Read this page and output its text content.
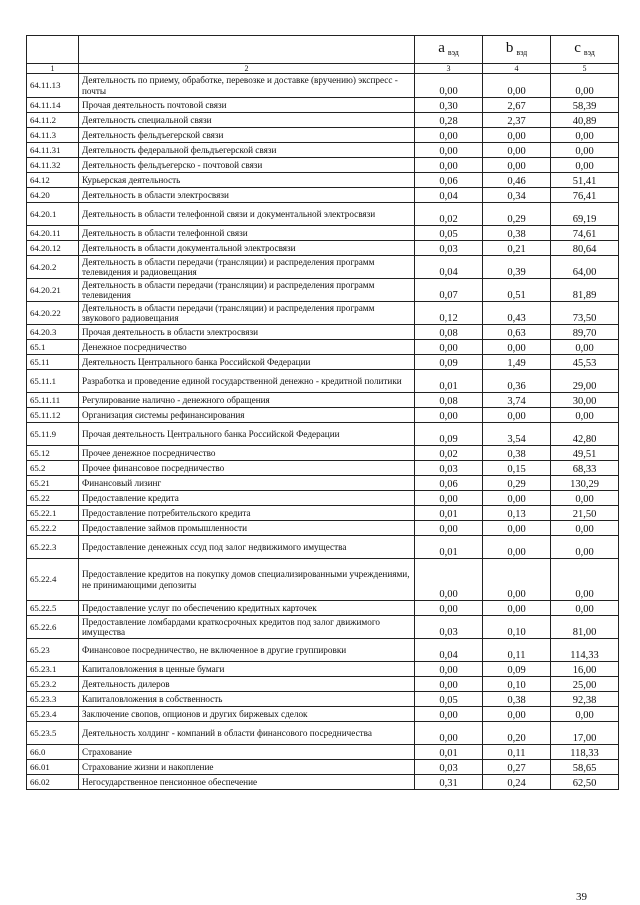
		a $_{вэд}$	b $_{вэд}$	c $_{вэд}$
1	2	3	4	5
64.11.13	Деятельность по приему, обработке, перевозке и доставке (вручению) экспресс - почты	0,00	0,00	0,00
64.11.14	Прочая деятельность почтовой связи	0,30	2,67	58,39
64.11.2	Деятельность специальной связи	0,28	2,37	40,89
64.11.3	Деятельность фельдъегерской связи	0,00	0,00	0,00
64.11.31	Деятельность федеральной фельдъегерской связи	0,00	0,00	0,00
64.11.32	Деятельность фельдъегерско - почтовой связи	0,00	0,00	0,00
64.12	Курьерская деятельность	0,06	0,46	51,41
64.20	Деятельность в области электросвязи	0,04	0,34	76,41
64.20.1	Деятельность в области телефонной связи и документальной электросвязи	0,02	0,29	69,19
64.20.11	Деятельность в области телефонной связи	0,05	0,38	74,61
64.20.12	Деятельность в области документальной электросвязи	0,03	0,21	80,64
64.20.2	Деятельность в области передачи (трансляции) и распределения программ телевидения и радиовещания	0,04	0,39	64,00
64.20.21	Деятельность в области передачи (трансляции) и распределения программ телевидения	0,07	0,51	81,89
64.20.22	Деятельность в области передачи (трансляции) и распределения программ звукового радиовещания	0,12	0,43	73,50
64.20.3	Прочая деятельность в области электросвязи	0,08	0,63	89,70
65.1	Денежное посредничество	0,00	0,00	0,00
65.11	Деятельность Центрального банка Российской Федерации	0,09	1,49	45,53
65.11.1	Разработка и проведение единой государственной денежно - кредитной политики	0,01	0,36	29,00
65.11.11	Регулирование налично - денежного обращения	0,08	3,74	30,00
65.11.12	Организация системы рефинансирования	0,00	0,00	0,00
65.11.9	Прочая деятельность Центрального банка Российской Федерации	0,09	3,54	42,80
65.12	Прочее денежное посредничество	0,02	0,38	49,51
65.2	Прочее финансовое посредничество	0,03	0,15	68,33
65.21	Финансовый лизинг	0,06	0,29	130,29
65.22	Предоставление кредита	0,00	0,00	0,00
65.22.1	Предоставление потребительского кредита	0,01	0,13	21,50
65.22.2	Предоставление займов промышленности	0,00	0,00	0,00
65.22.3	Предоставление денежных ссуд под залог недвижимого имущества	0,01	0,00	0,00
65.22.4	Предоставление кредитов на покупку домов специализированными учреждениями, не принимающими депозиты	0,00	0,00	0,00
65.22.5	Предоставление услуг по обеспечению кредитных карточек	0,00	0,00	0,00
65.22.6	Предоставление ломбардами краткосрочных кредитов под залог движимого имущества	0,03	0,10	81,00
65.23	Финансовое посредничество, не включенное в другие группировки	0,04	0,11	114,33
65.23.1	Капиталовложения в ценные бумаги	0,00	0,09	16,00
65.23.2	Деятельность дилеров	0,00	0,10	25,00
65.23.3	Капиталовложения в собственность	0,05	0,38	92,38
65.23.4	Заключение свопов, опционов и других биржевых сделок	0,00	0,00	0,00
65.23.5	Деятельность холдинг - компаний в области финансового посредничества	0,00	0,20	17,00
66.0	Страхование	0,01	0,11	118,33
66.01	Страхование жизни и накопление	0,03	0,27	58,65
66.02	Негосударственное пенсионное обеспечение	0,31	0,24	62,50
39
